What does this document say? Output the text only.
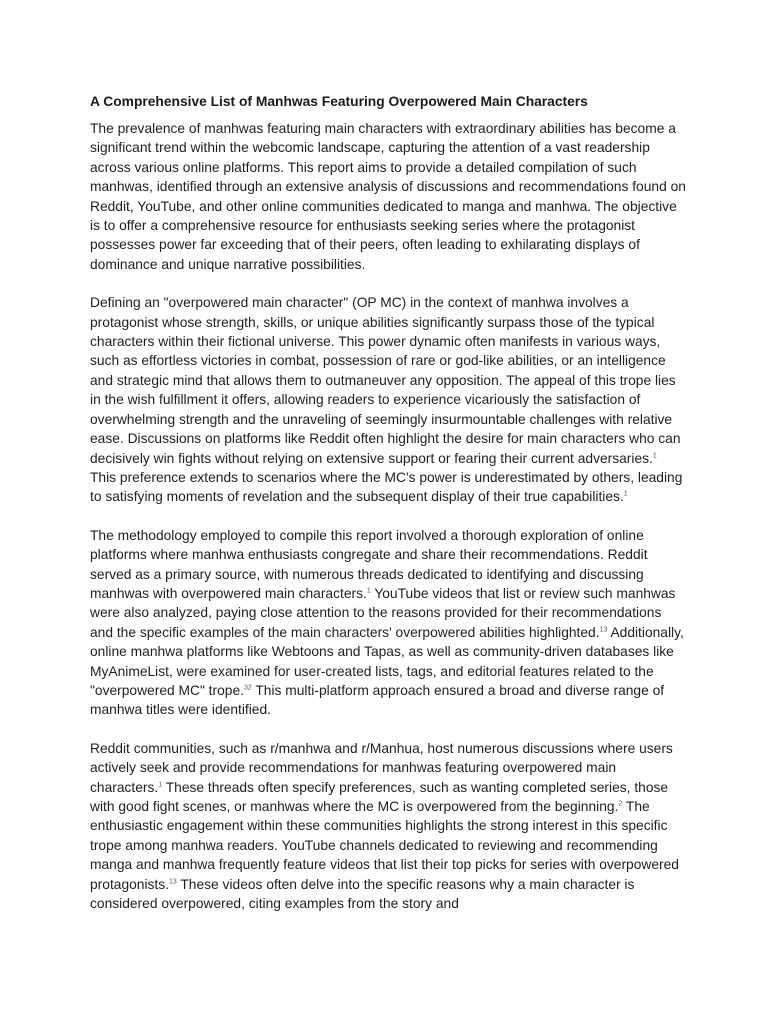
A Comprehensive List of Manhwas Featuring Overpowered Main Characters

The prevalence of manhwas featuring main characters with extraordinary abilities has become a significant trend within the webcomic landscape, capturing the attention of a vast readership across various online platforms. This report aims to provide a detailed compilation of such manhwas, identified through an extensive analysis of discussions and recommendations found on Reddit, YouTube, and other online communities dedicated to manga and manhwa. The objective is to offer a comprehensive resource for enthusiasts seeking series where the protagonist possesses power far exceeding that of their peers, often leading to exhilarating displays of dominance and unique narrative possibilities.

Defining an "overpowered main character" (OP MC) in the context of manhwa involves a protagonist whose strength, skills, or unique abilities significantly surpass those of the typical characters within their fictional universe. This power dynamic often manifests in various ways, such as effortless victories in combat, possession of rare or god-like abilities, or an intelligence and strategic mind that allows them to outmaneuver any opposition. The appeal of this trope lies in the wish fulfillment it offers, allowing readers to experience vicariously the satisfaction of overwhelming strength and the unraveling of seemingly insurmountable challenges with relative ease. Discussions on platforms like Reddit often highlight the desire for main characters who can decisively win fights without relying on extensive support or fearing their current adversaries.$^1$ This preference extends to scenarios where the MC's power is underestimated by others, leading to satisfying moments of revelation and the subsequent display of their true capabilities.$^1$

The methodology employed to compile this report involved a thorough exploration of online platforms where manhwa enthusiasts congregate and share their recommendations. Reddit served as a primary source, with numerous threads dedicated to identifying and discussing manhwas with overpowered main characters.$^1$ YouTube videos that list or review such manhwas were also analyzed, paying close attention to the reasons provided for their recommendations and the specific examples of the main characters' overpowered abilities highlighted.$^{13}$ Additionally, online manhwa platforms like Webtoons and Tapas, as well as community-driven databases like MyAnimeList, were examined for user-created lists, tags, and editorial features related to the "overpowered MC" trope.$^{32}$ This multi-platform approach ensured a broad and diverse range of manhwa titles were identified.

Reddit communities, such as r/manhwa and r/Manhua, host numerous discussions where users actively seek and provide recommendations for manhwas featuring overpowered main characters.$^1$ These threads often specify preferences, such as wanting completed series, those with good fight scenes, or manhwas where the MC is overpowered from the beginning.$^2$ The enthusiastic engagement within these communities highlights the strong interest in this specific trope among manhwa readers. YouTube channels dedicated to reviewing and recommending manga and manhwa frequently feature videos that list their top picks for series with overpowered protagonists.$^{13}$ These videos often delve into the specific reasons why a main character is considered overpowered, citing examples from the story and
